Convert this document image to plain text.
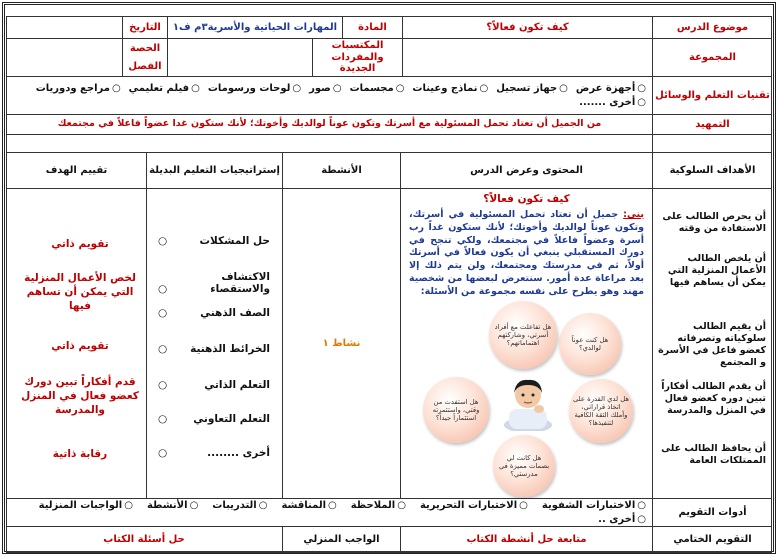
موضوع الدرس
كيف تكون فعالاً؟
المادة
المهارات الحياتية والأسرية٣م ف١
التاريخ
المجموعة
المكتسبات والمفردات الجديدة
الحصة
الفصل
تقنيات التعلم والوسائل
○ أجهزة عرض
○ جهاز تسجيل
○ نماذج وعينات
○ مجسمات
○ صور
○ لوحات ورسومات
○ فيلم تعليمي
○ مراجع ودوريات
○ أخرى .......
التمهيد
من الجميل أن تعتاد تحمل المسئولية مع أسرتك وتكون عوناً لوالديك وأخوتك؛ لأنك ستكون غدا عضواً فاعلاً في مجتمعك
الأهداف السلوكية
المحتوى وعرض الدرس
الأنشطة
إستراتيجيات التعليم البديلة
تقييم الهدف
أن يحرص الطالب على الاستفادة من وقته
أن يلخص الطالب الأعمال المنزلية التي يمكن أن يساهم فيها
أن يقيم الطالب سلوكياته وتصرفاته كعضو فاعل في الأسرة و المجتمع
أن يقدم الطالب أفكاراً تبين دوره كعضو فعال في المنزل والمدرسة
أن يحافظ الطالب على الممتلكات العامة
كيف تكون فعالاً؟
بني: جميل أن تعتاد تحمل المسئولية في أسرتك، وتكون عوناً لوالديك وأخوتك؛ لأنك ستكون غداً رب أسرة وعضواً فاعلاً في مجتمعك، ولكي تنجح في دورك المستقبلي ينبغي أن يكون فعالاً في أسرتك أولاً، ثم في مدرستك ومجتمعك، ولن يتم ذلك إلا بعد مراعاة عدة أمور. سنتعرض لبعضها من شخصية مهند وهو يطرح على نفسه مجموعة من الأسئلة:
هل كنت عوناً لوالدي؟
هل تفاعلت مع أفراد أسرتي، وشاركتهم اهتماماتهم؟
هل استفدت من وقتي، واستثمرته استثماراً جيداً؟
هل لدي القدرة على اتخاذ قراراتي، وأملك الثقة الكافية لتنفيذها؟
هل كانت لي بصمات مميزة في مدرستي؟
نشاط ١
حل المشكلات ○
الاكتشاف والاستقصاء ○
الصف الذهني ○
الخرائط الذهنية ○
التعلم الذاتي ○
التعلم التعاوني ○
أخرى ........ ○
تقويم ذاتي
لخص الأعمال المنزلية التي يمكن أن تساهم فيها
تقويم ذاتي
قدم أفكاراً تبين دورك كعضو فعال في المنزل والمدرسة
رقابة ذاتية
أدوات التقويم
○ الاختبارات الشفوية
○ الاختبارات التحريرية
○ الملاحظة
○ المناقشة
○ التدريبات
○ الأنشطة
○ الواجبات المنزلية
○ أخرى ..
التقويم الختامي
متابعة حل أنشطة الكتاب
الواجب المنزلي
حل أسئلة الكتاب
